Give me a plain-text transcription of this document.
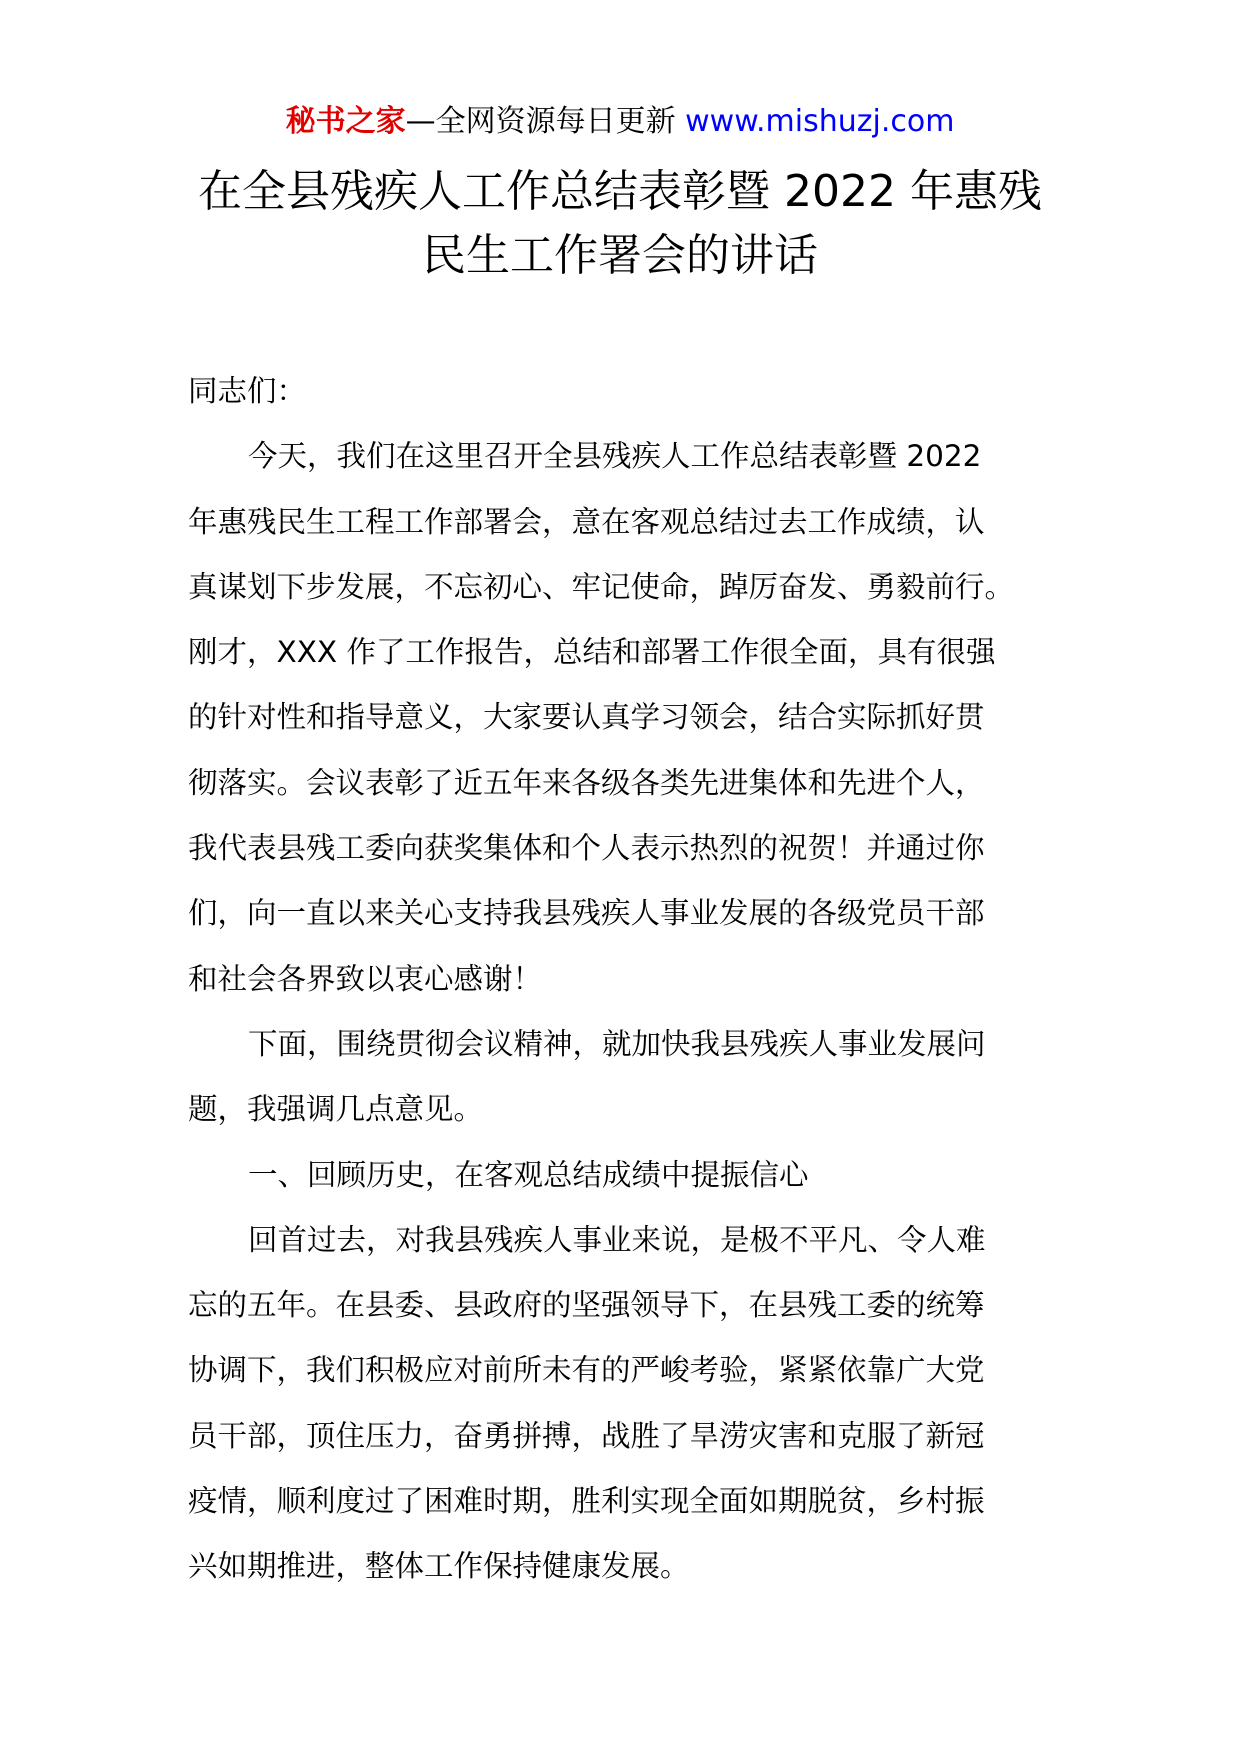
秘书之家—全网资源每日更新 www.mishuzj.com
在全县残疾人工作总结表彰暨 2022 年惠残
民生工作署会的讲话
同志们：
今天，我们在这里召开全县残疾人工作总结表彰暨 2022
年惠残民生工程工作部署会，意在客观总结过去工作成绩，认
真谋划下步发展，不忘初心、牢记使命，踔厉奋发、勇毅前行。
刚才，XXX 作了工作报告，总结和部署工作很全面，具有很强
的针对性和指导意义，大家要认真学习领会，结合实际抓好贯
彻落实。会议表彰了近五年来各级各类先进集体和先进个人，
我代表县残工委向获奖集体和个人表示热烈的祝贺！并通过你
们，向一直以来关心支持我县残疾人事业发展的各级党员干部
和社会各界致以衷心感谢！
下面，围绕贯彻会议精神，就加快我县残疾人事业发展问
题，我强调几点意见。
一、回顾历史，在客观总结成绩中提振信心
回首过去，对我县残疾人事业来说，是极不平凡、令人难
忘的五年。在县委、县政府的坚强领导下，在县残工委的统筹
协调下，我们积极应对前所未有的严峻考验，紧紧依靠广大党
员干部，顶住压力，奋勇拼搏，战胜了旱涝灾害和克服了新冠
疫情，顺利度过了困难时期，胜利实现全面如期脱贫，乡村振
兴如期推进，整体工作保持健康发展。
